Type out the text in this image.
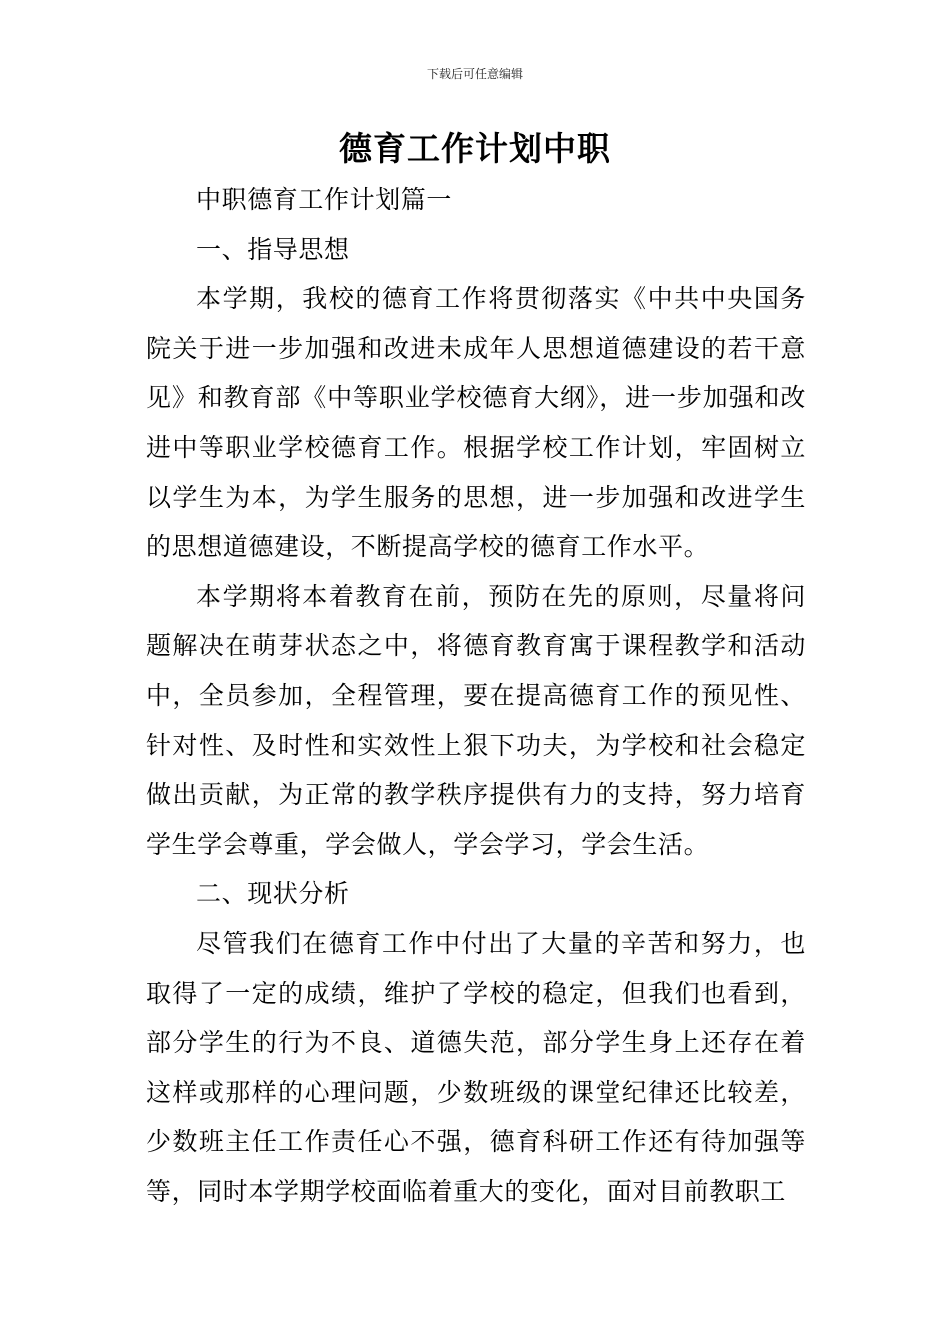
下载后可任意编辑
德育工作计划中职

中职德育工作计划篇一

一、指导思想

本学期，我校的德育工作将贯彻落实《中共中央国务院关于进一步加强和改进未成年人思想道德建设的若干意见》和教育部《中等职业学校德育大纲》，进一步加强和改进中等职业学校德育工作。根据学校工作计划，牢固树立以学生为本，为学生服务的思想，进一步加强和改进学生的思想道德建设，不断提高学校的德育工作水平。

本学期将本着教育在前，预防在先的原则，尽量将问题解决在萌芽状态之中，将德育教育寓于课程教学和活动中，全员参加，全程管理，要在提高德育工作的预见性、针对性、及时性和实效性上狠下功夫，为学校和社会稳定做出贡献，为正常的教学秩序提供有力的支持，努力培育学生学会尊重，学会做人，学会学习，学会生活。

二、现状分析

尽管我们在德育工作中付出了大量的辛苦和努力，也取得了一定的成绩，维护了学校的稳定，但我们也看到，部分学生的行为不良、道德失范，部分学生身上还存在着这样或那样的心理问题，少数班级的课堂纪律还比较差，少数班主任工作责任心不强，德育科研工作还有待加强等等，同时本学期学校面临着重大的变化，面对目前教职工
